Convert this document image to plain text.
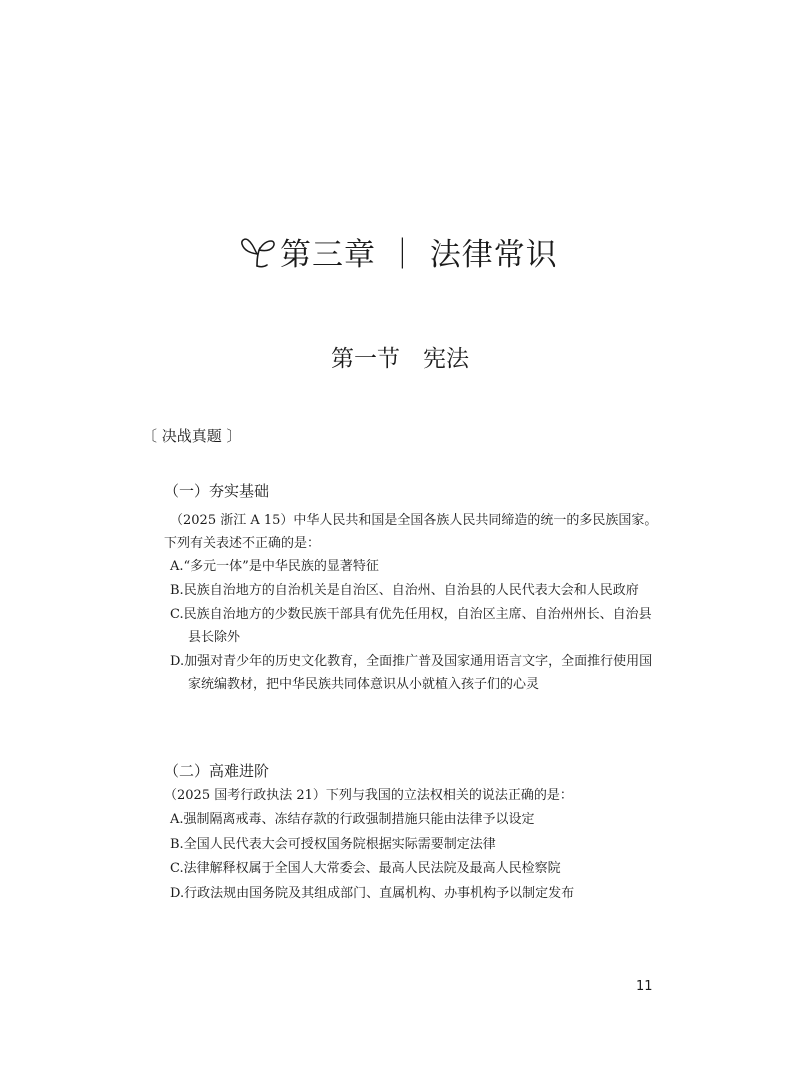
第三章 ｜ 法律常识
第一节　宪法
〔 决战真题 〕
（一）夯实基础
（2025 浙江 A 15）中华人民共和国是全国各族人民共同缔造的统一的多民族国家。下列有关表述不正确的是：
A.“多元一体”是中华民族的显著特征
B.民族自治地方的自治机关是自治区、自治州、自治县的人民代表大会和人民政府
C.民族自治地方的少数民族干部具有优先任用权，自治区主席、自治州州长、自治县县长除外
D.加强对青少年的历史文化教育，全面推广普及国家通用语言文字，全面推行使用国家统编教材，把中华民族共同体意识从小就植入孩子们的心灵
（二）高难进阶
（2025 国考行政执法 21）下列与我国的立法权相关的说法正确的是：
A.强制隔离戒毒、冻结存款的行政强制措施只能由法律予以设定
B.全国人民代表大会可授权国务院根据实际需要制定法律
C.法律解释权属于全国人大常委会、最高人民法院及最高人民检察院
D.行政法规由国务院及其组成部门、直属机构、办事机构予以制定发布
11
